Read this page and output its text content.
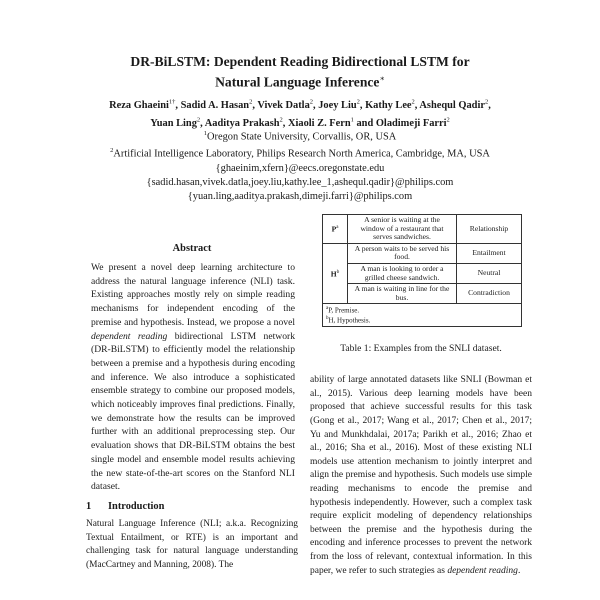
DR-BiLSTM: Dependent Reading Bidirectional LSTM for
Natural Language Inference∗
Reza Ghaeini$^{1\dagger}$, Sadid A. Hasan$^2$, Vivek Datla$^2$, Joey Liu$^2$, Kathy Lee$^2$, Ashequl Qadir$^2$,
Yuan Ling$^2$, Aaditya Prakash$^2$, Xiaoli Z. Fern$^1$ and Oladimeji Farri$^2$
$^1$Oregon State University, Corvallis, OR, USA
$^2$Artificial Intelligence Laboratory, Philips Research North America, Cambridge, MA, USA
{ghaeinim,xfern}@eecs.oregonstate.edu
{sadid.hasan,vivek.datla,joey.liu,kathy.lee_1,ashequl.qadir}@philips.com
{yuan.ling,aaditya.prakash,dimeji.farri}@philips.com
Abstract

We present a novel deep learning architecture to address the natural language inference (NLI) task. Existing approaches mostly rely on simple reading mechanisms for independent encoding of the premise and hypothesis. Instead, we propose a novel dependent reading bidirectional LSTM network (DR-BiLSTM) to efficiently model the relationship between a premise and a hypothesis during encoding and inference. We also introduce a sophisticated ensemble strategy to combine our proposed models, which noticeably improves final predictions. Finally, we demonstrate how the results can be improved further with an additional preprocessing step. Our evaluation shows that DR-BiLSTM obtains the best single model and ensemble model results achieving the new state-of-the-art scores on the Stanford NLI dataset.

1 Introduction

Natural Language Inference (NLI; a.k.a. Recognizing Textual Entailment, or RTE) is an important and challenging task for natural language understanding (MacCartney and Manning, 2008). The

$P^a$	A senior is waiting at the window of a restaurant that serves sandwiches.	Relationship
$H^b$	A person waits to be served his food.	Entailment
	A man is looking to order a grilled cheese sandwich.	Neutral
	A man is waiting in line for the bus.	Contradiction
$^a$P, Premise.
$^b$H, Hypothesis.		
Table 1: Examples from the SNLI dataset.

ability of large annotated datasets like SNLI (Bowman et al., 2015). Various deep learning models have been proposed that achieve successful results for this task (Gong et al., 2017; Wang et al., 2017; Chen et al., 2017; Yu and Munkhdalai, 2017a; Parikh et al., 2016; Zhao et al., 2016; Sha et al., 2016). Most of these existing NLI models use attention mechanism to jointly interpret and align the premise and hypothesis. Such models use simple reading mechanisms to encode the premise and hypothesis independently. However, such a complex task require explicit modeling of dependency relationships between the premise and the hypothesis during the encoding and inference processes to prevent the network from the loss of relevant, contextual information. In this paper, we refer to such strategies as dependent reading.
